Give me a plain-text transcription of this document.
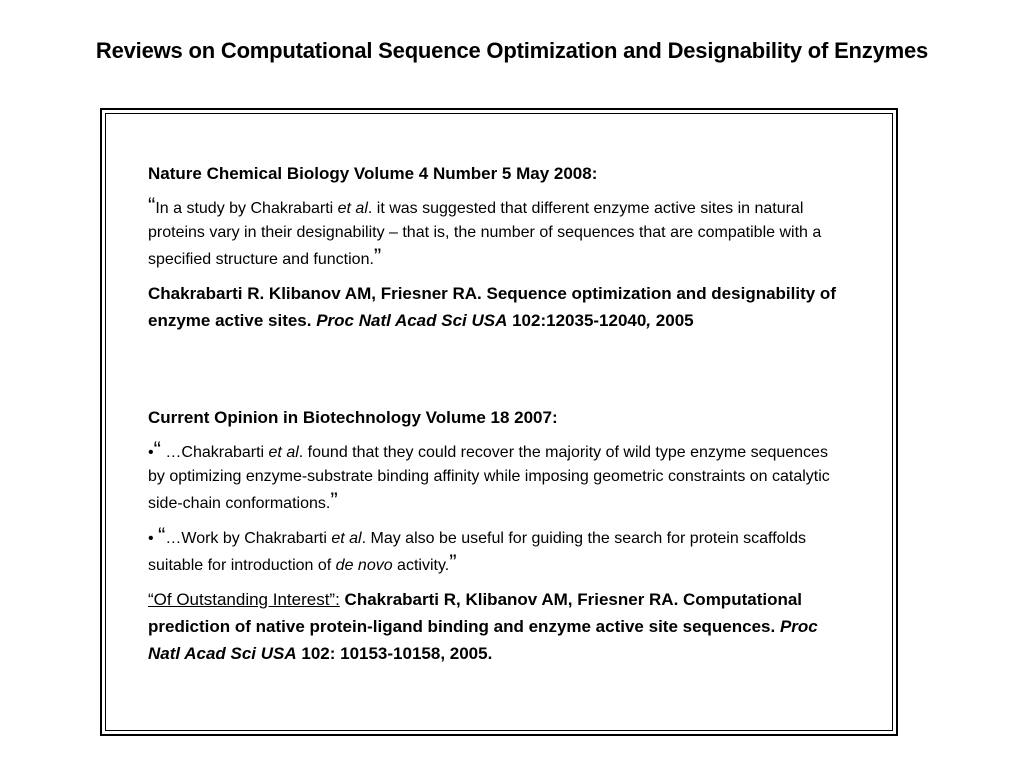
Reviews on Computational Sequence Optimization and Designability of Enzymes

Nature Chemical Biology Volume 4 Number 5 May 2008:

“In a study by Chakrabarti et al. it was suggested that different enzyme active sites in natural proteins vary in their designability – that is, the number of sequences that are compatible with a specified structure and function.”

Chakrabarti R. Klibanov AM, Friesner RA. Sequence optimization and designability of enzyme active sites. Proc Natl Acad Sci USA 102:12035-12040, 2005

Current Opinion in Biotechnology Volume 18 2007:

•“ …Chakrabarti et al. found that they could recover the majority of wild type enzyme sequences by optimizing enzyme-substrate binding affinity while imposing geometric constraints on catalytic side-chain conformations.”

• “…Work by Chakrabarti et al. May also be useful for guiding the search for protein scaffolds suitable for introduction of de novo activity.”

“Of Outstanding Interest”: Chakrabarti R, Klibanov AM, Friesner RA. Computational prediction of native protein-ligand binding and enzyme active site sequences. Proc Natl Acad Sci USA 102: 10153-10158, 2005.
